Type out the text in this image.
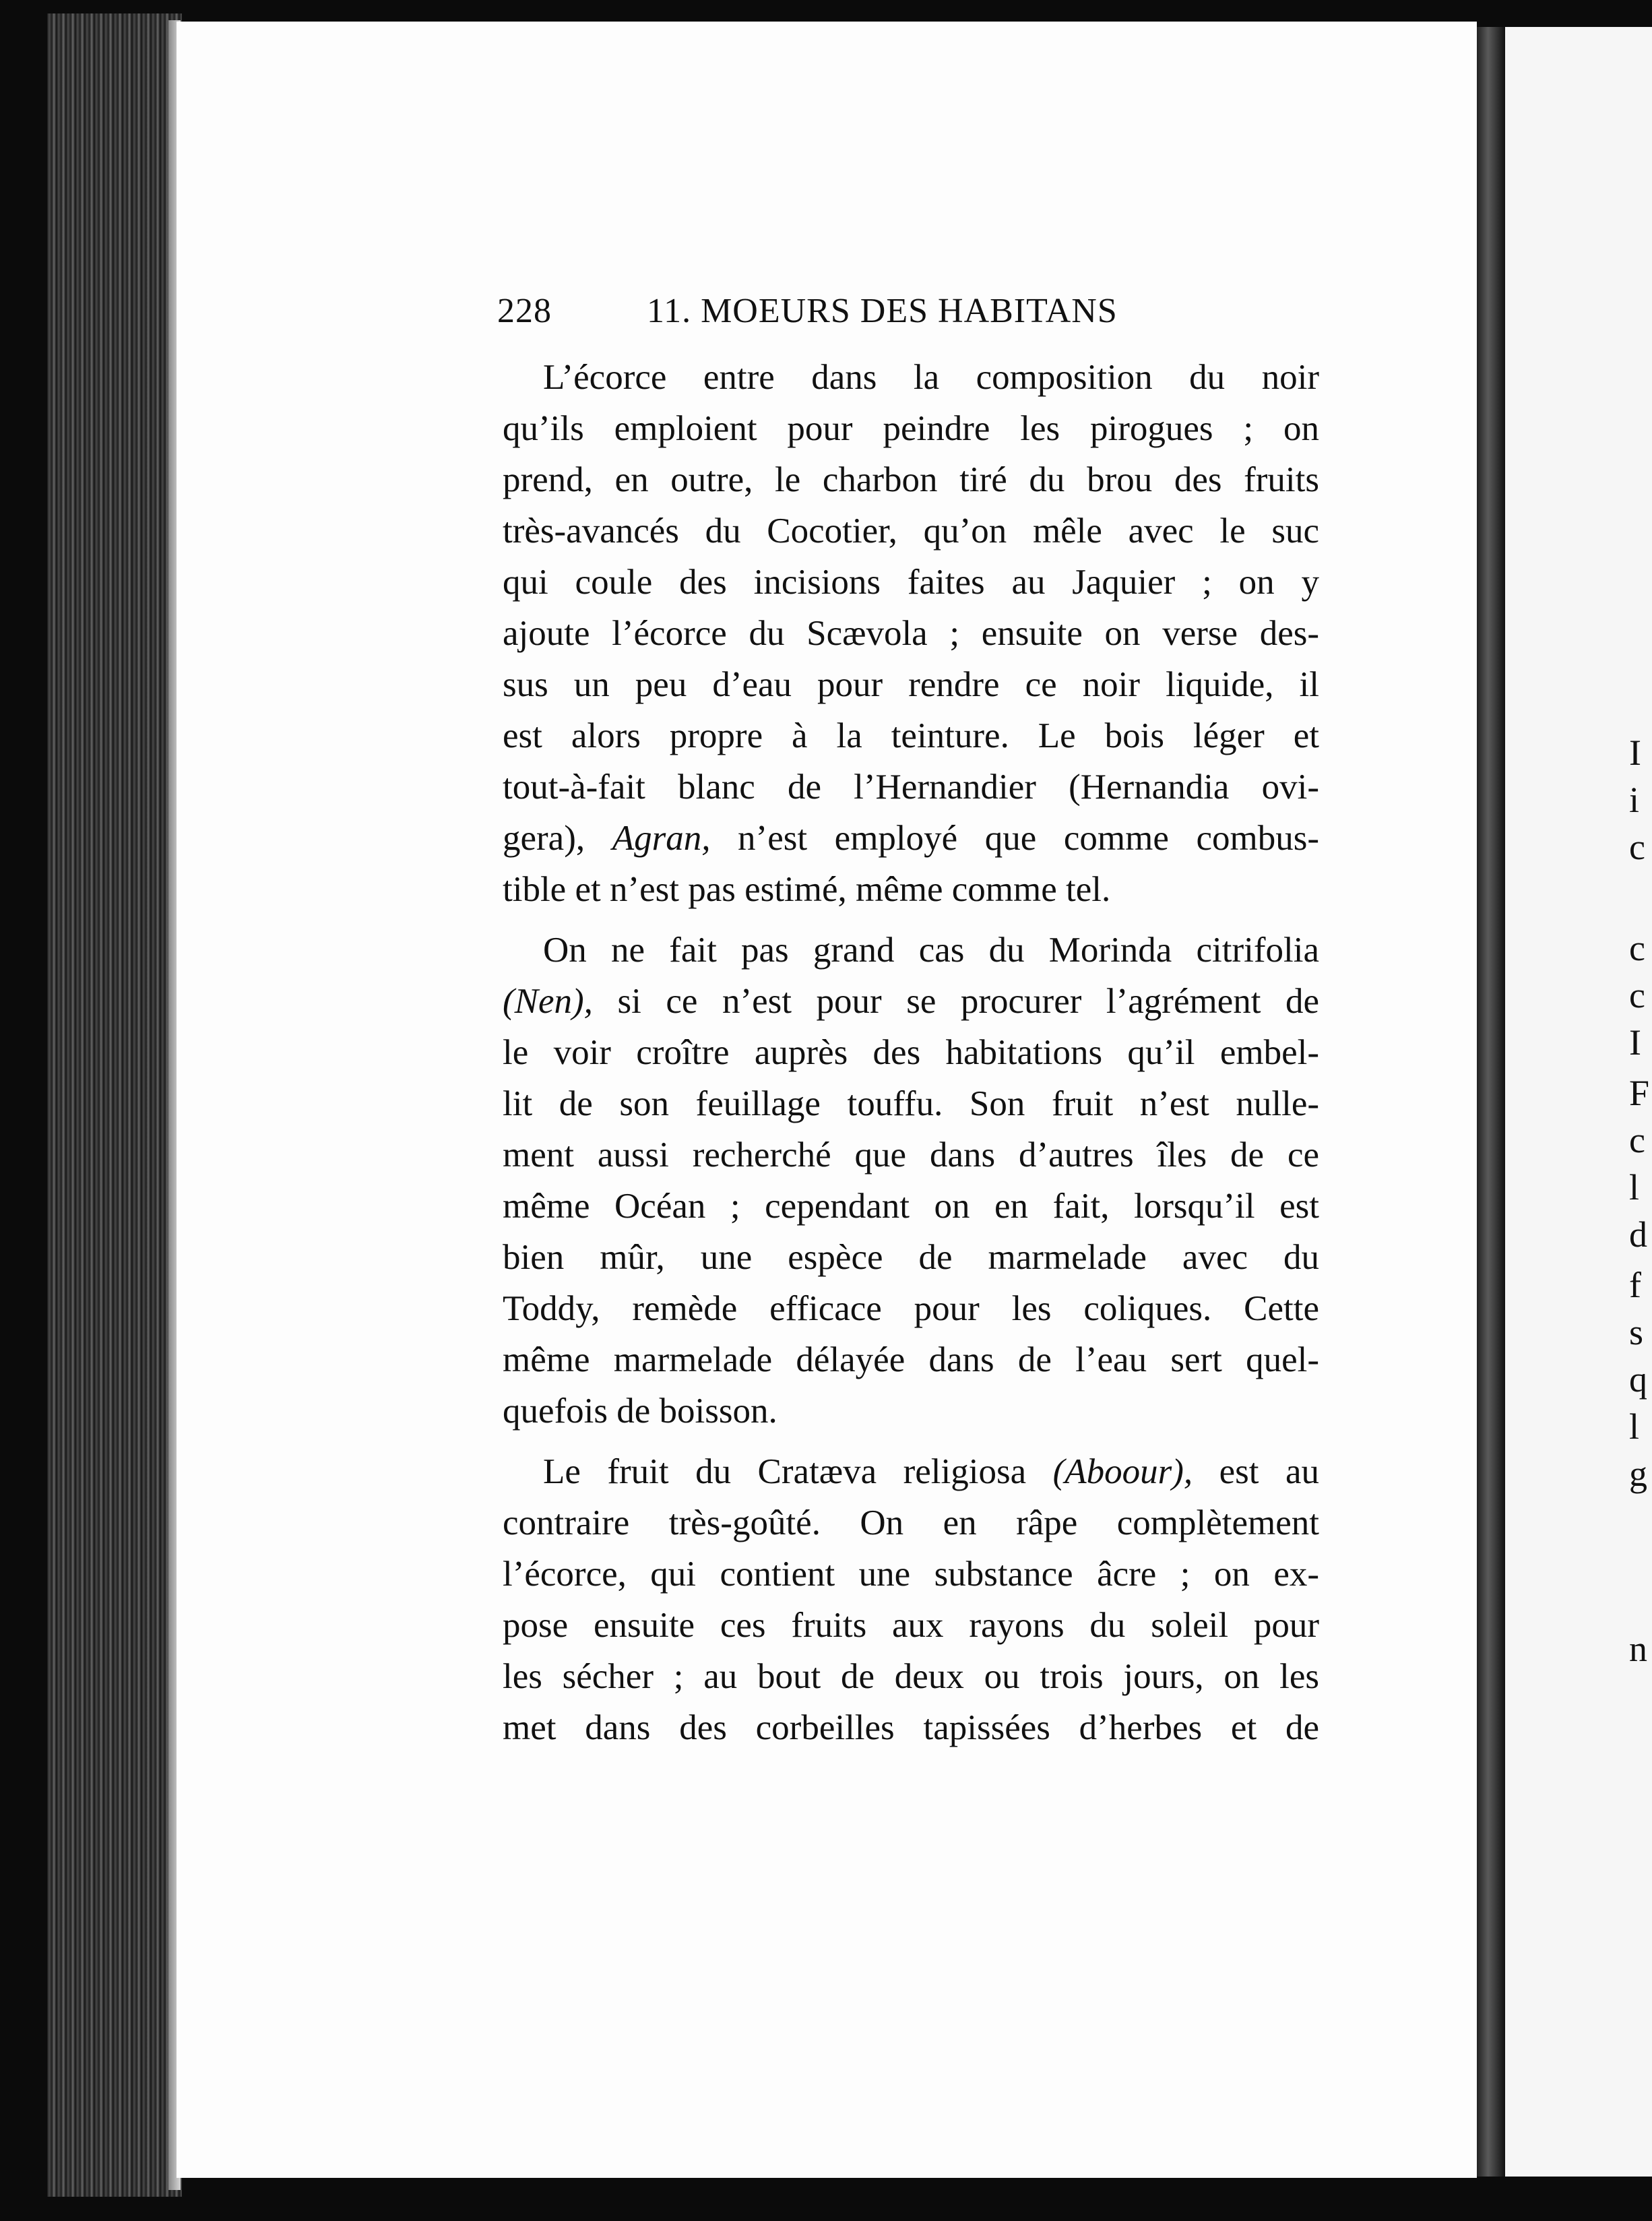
I
i
c
c
c
I
F
c
l
d
f
s
q
l
g
n
228	11. MOEURS DES HABITANS
L’écorce entre dans la composition du noir
qu’ils emploient pour peindre les pirogues ; on
prend, en outre, le charbon tiré du brou des fruits
très-avancés du Cocotier, qu’on mêle avec le suc
qui coule des incisions faites au Jaquier ; on y
ajoute l’écorce du Scævola ; ensuite on verse des-
sus un peu d’eau pour rendre ce noir liquide, il
est alors propre à la teinture. Le bois léger et
tout-à-fait blanc de l’Hernandier (Hernandia ovi-
gera), Agran, n’est employé que comme combus-
tible et n’est pas estimé, même comme tel.
On ne fait pas grand cas du Morinda citrifolia
(Nen), si ce n’est pour se procurer l’agrément de
le voir croître auprès des habitations qu’il embel-
lit de son feuillage touffu. Son fruit n’est nulle-
ment aussi recherché que dans d’autres îles de ce
même Océan ; cependant on en fait, lorsqu’il est
bien mûr, une espèce de marmelade avec du
Toddy, remède efficace pour les coliques. Cette
même marmelade délayée dans de l’eau sert quel-
quefois de boisson.
Le fruit du Cratæva religiosa (Aboour), est au
contraire très-goûté. On en râpe complètement
l’écorce, qui contient une substance âcre ; on ex-
pose ensuite ces fruits aux rayons du soleil pour
les sécher ; au bout de deux ou trois jours, on les
met dans des corbeilles tapissées d’herbes et de
